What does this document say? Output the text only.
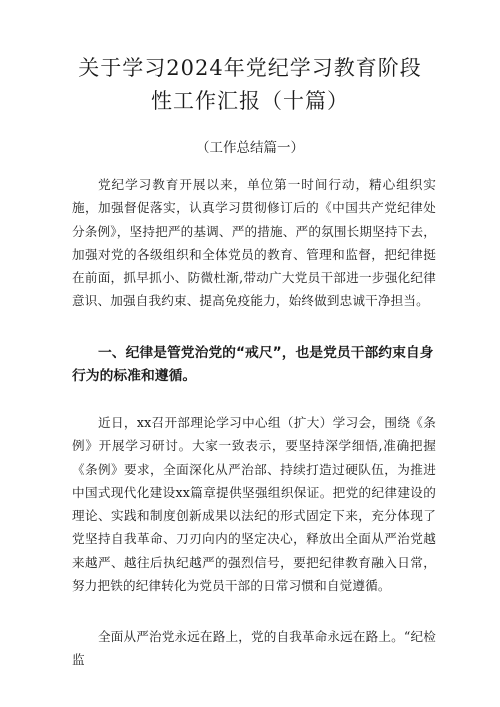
关于学习2024年党纪学习教育阶段性工作汇报（十篇）

（工作总结篇一）

党纪学习教育开展以来，单位第一时间行动，精心组织实施，加强督促落实，认真学习贯彻修订后的《中国共产党纪律处分条例》，坚持把严的基调、严的措施、严的氛围长期坚持下去，加强对党的各级组织和全体党员的教育、管理和监督，把纪律挺在前面，抓早抓小、防微杜渐,带动广大党员干部进一步强化纪律意识、加强自我约束、提高免疫能力，始终做到忠诚干净担当。

一、纪律是管党治党的“戒尺”，也是党员干部约束自身行为的标准和遵循。

近日，xx召开部理论学习中心组（扩大）学习会，围绕《条例》开展学习研讨。大家一致表示，要坚持深学细悟,准确把握《条例》要求，全面深化从严治部、持续打造过硬队伍，为推进中国式现代化建设xx篇章提供坚强组织保证。把党的纪律建设的理论、实践和制度创新成果以法纪的形式固定下来，充分体现了党坚持自我革命、刀刃向内的坚定决心，释放出全面从严治党越来越严、越往后执纪越严的强烈信号，要把纪律教育融入日常，努力把铁的纪律转化为党员干部的日常习惯和自觉遵循。

全面从严治党永远在路上，党的自我革命永远在路上。“纪检监
